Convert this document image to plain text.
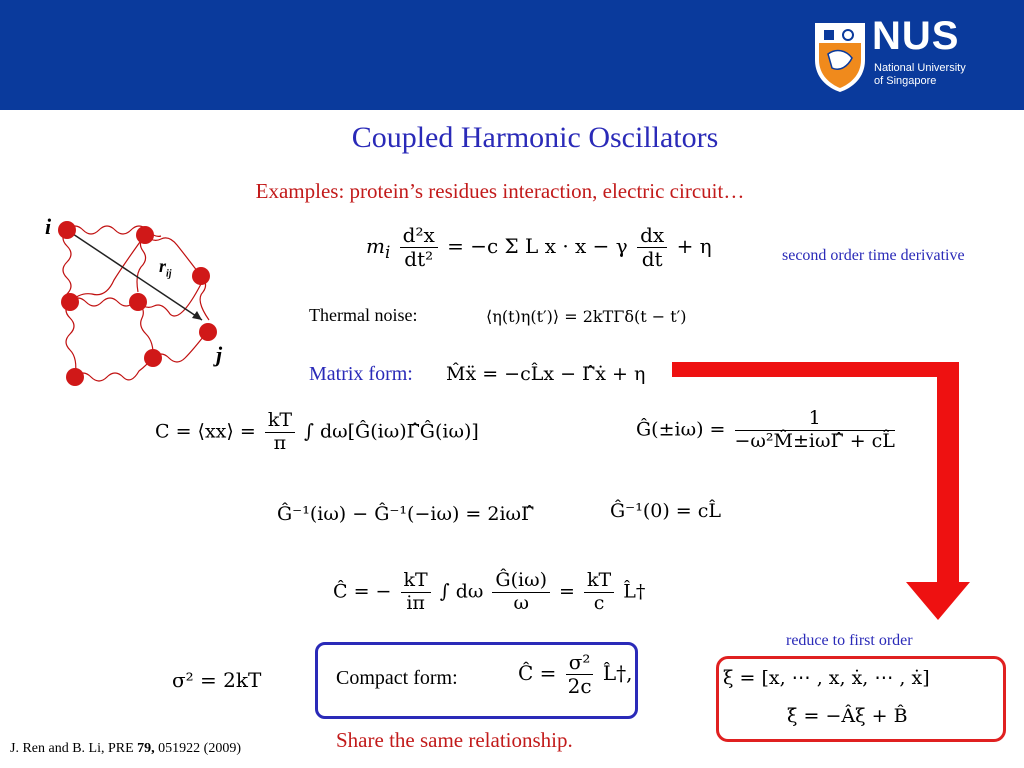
NUS
National University
of Singapore
Coupled Harmonic Oscillators
Examples: protein’s residues interaction, electric circuit…
i
j
$r_{ij}$
$m_i \frac{\text{d²x}}{\text{dt²}} = -c$ Σ L x · x − γ $\frac{dx}{dt} + \eta$	second order time derivative
Thermal noise:	⟨η(t)η(t′)⟩ = 2kTΓδ(t − t′)
Matrix form: M̂ẍ = −cL̂x − Γ̂ẋ + η
C = ⟨xx⟩ = $\frac{kT}{\pi}$ ∫ dω[Ĝ(iω)Γ̂Ĝ(iω)]	Ĝ(±iω) = $\frac{1}{\text{−ω²M̂±iωΓ̂ + cL̂}}$
Ĝ⁻¹(iω) − Ĝ⁻¹(−iω) = 2iωΓ̂	Ĝ⁻¹(0) = cL̂
Ĉ = − $\frac{kT}{i\pi}$ ∫ dω $\frac{Ĝ(i\omega)}{\omega} = \frac{kT}{c}$ L̂†
reduce to first order
σ² = 2kT	Compact form:	Ĉ = $\frac{\text{σ²}}{2c}$ L̂†,	ξ = [x, ⋯ , x, ẋ, ⋯ , ẋ]
ξ̇ = −Âξ + B̂
Share the same relationship.
J. Ren and B. Li, PRE 79, 051922 (2009)
